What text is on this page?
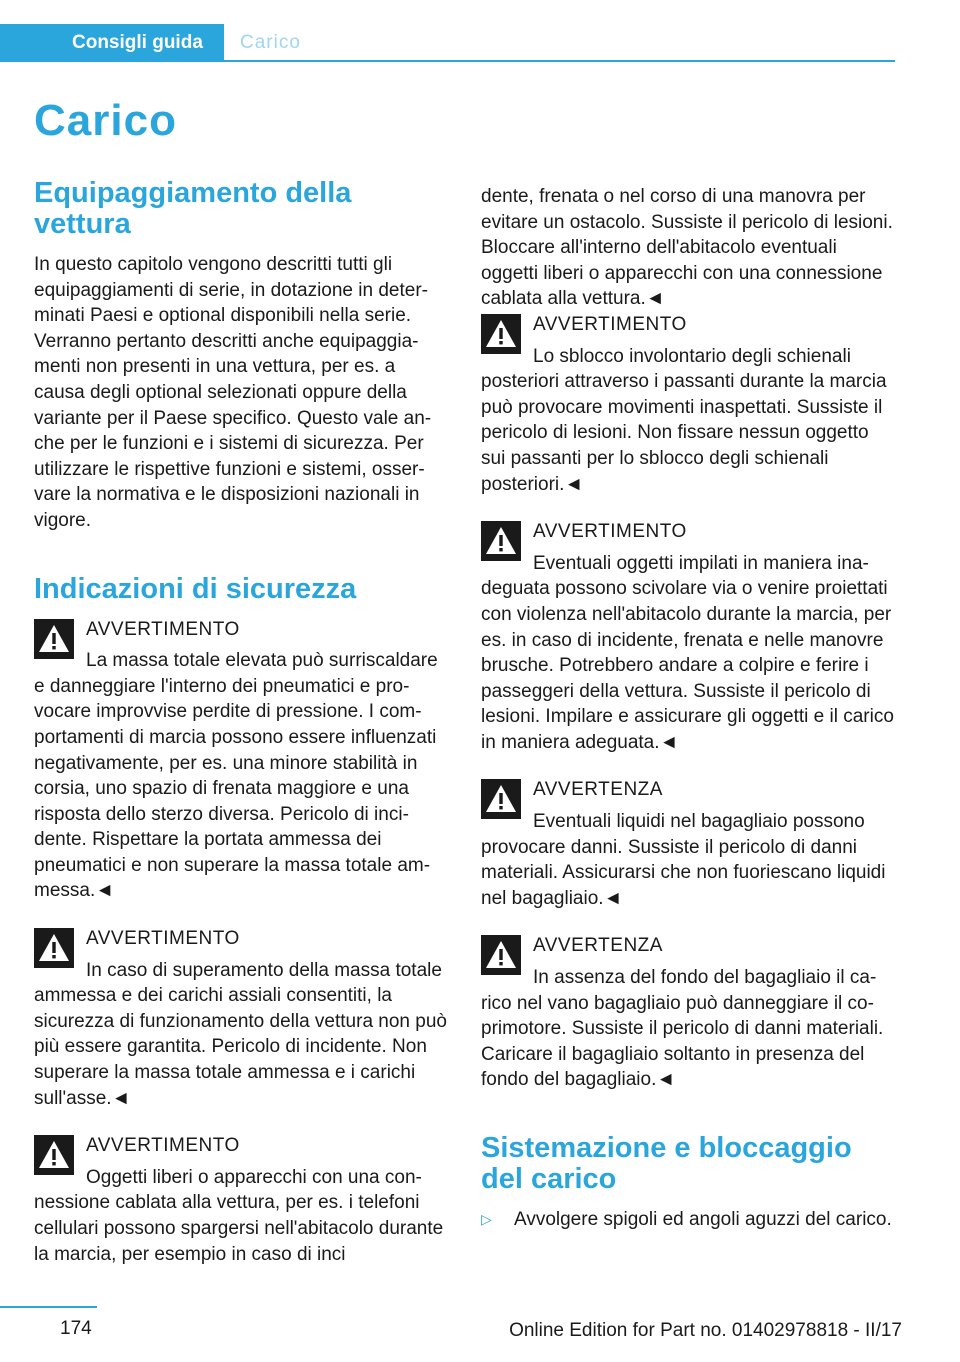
Consigli guida	Carico
Carico
Equipaggiamento della vettura

In questo capitolo vengono descritti tutti gli equipaggiamenti di serie, in dotazione in determinati Paesi e optional disponibili nella serie. Verranno pertanto descritti anche equipaggiamenti non presenti in una vettura, per es. a causa degli optional selezionati oppure della variante per il Paese specifico. Questo vale anche per le funzioni e i sistemi di sicurezza. Per utilizzare le rispettive funzioni e sistemi, osservare la normativa e le disposizioni nazionali in vigore.

Indicazioni di sicurezza
AVVERTIMENTO

La massa totale elevata può surriscaldare e danneggiare l'interno dei pneumatici e provocare improvvise perdite di pressione. I comportamenti di marcia possono essere influenzati negativamente, per es. una minore stabilità in corsia, uno spazio di frenata maggiore e una risposta dello sterzo diversa. Pericolo di incidente. Rispettare la portata ammessa dei pneumatici e non superare la massa totale ammessa.◄

AVVERTIMENTO

In caso di superamento della massa totale ammessa e dei carichi assiali consentiti, la sicurezza di funzionamento della vettura non può più essere garantita. Pericolo di incidente. Non superare la massa totale ammessa e i carichi sull'asse.◄

AVVERTIMENTO

Oggetti liberi o apparecchi con una connessione cablata alla vettura, per es. i telefoni cellulari possono spargersi nell'abitacolo durante la marcia, per esempio in caso di inci

dente, frenata o nel corso di una manovra per evitare un ostacolo. Sussiste il pericolo di lesioni. Bloccare all'interno dell'abitacolo eventuali oggetti liberi o apparecchi con una connessione cablata alla vettura.◄

AVVERTIMENTO

Lo sblocco involontario degli schienali posteriori attraverso i passanti durante la marcia può provocare movimenti inaspettati. Sussiste il pericolo di lesioni. Non fissare nessun oggetto sui passanti per lo sblocco degli schienali posteriori.◄

AVVERTIMENTO

Eventuali oggetti impilati in maniera inadeguata possono scivolare via o venire proiettati con violenza nell'abitacolo durante la marcia, per es. in caso di incidente, frenata e nelle manovre brusche. Potrebbero andare a colpire e ferire i passeggeri della vettura. Sussiste il pericolo di lesioni. Impilare e assicurare gli oggetti e il carico in maniera adeguata.◄

AVVERTENZA

Eventuali liquidi nel bagagliaio possono provocare danni. Sussiste il pericolo di danni materiali. Assicurarsi che non fuoriescano liquidi nel bagagliaio.◄

AVVERTENZA

In assenza del fondo del bagagliaio il carico nel vano bagagliaio può danneggiare il coprimotore. Sussiste il pericolo di danni materiali. Caricare il bagagliaio soltanto in presenza del fondo del bagagliaio.◄

Sistemazione e bloccaggio del carico
▷	Avvolgere spigoli ed angoli aguzzi del carico.
174	Online Edition for Part no. 01402978818 - II/17
